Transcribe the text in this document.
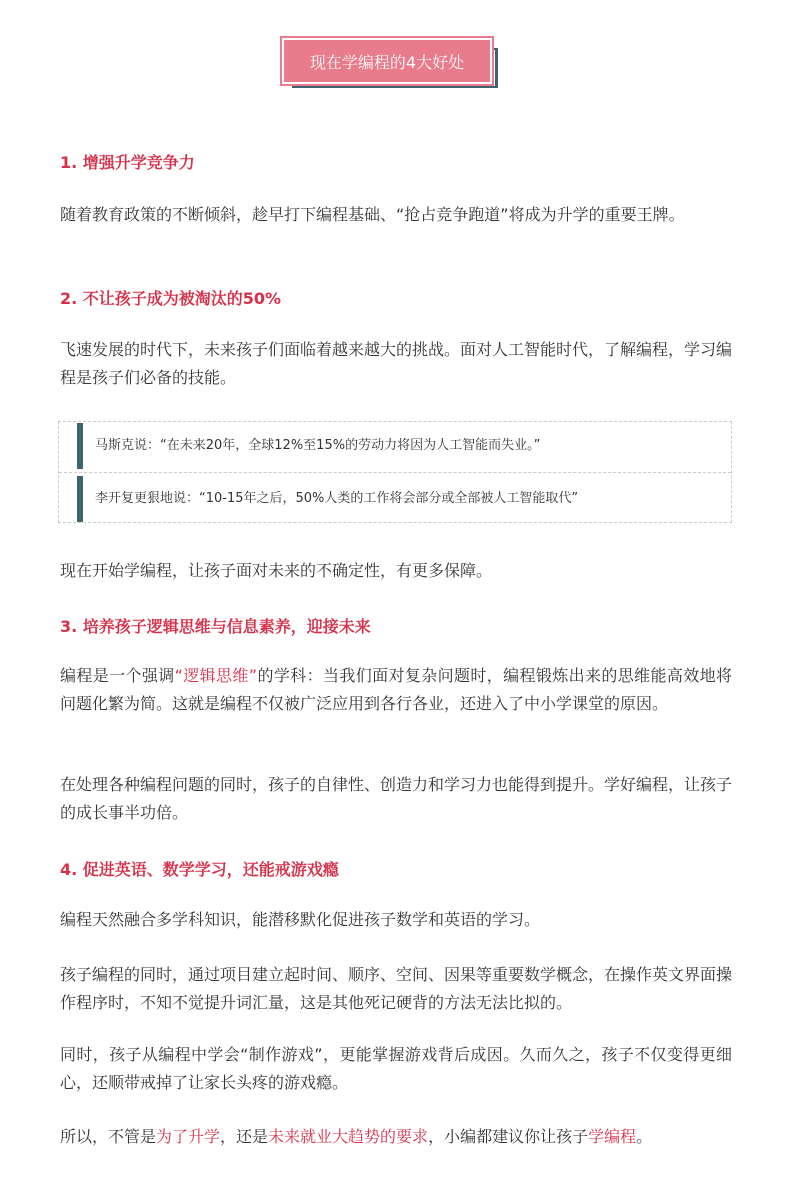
现在学编程的4大好处
1. 增强升学竞争力
随着教育政策的不断倾斜，趁早打下编程基础、“抢占竞争跑道”将成为升学的重要王牌。
2. 不让孩子成为被淘汰的50%
飞速发展的时代下，未来孩子们面临着越来越大的挑战。面对人工智能时代，了解编程，学习编程是孩子们必备的技能。
马斯克说：“在未来20年，全球12%至15%的劳动力将因为人工智能而失业。”
李开复更狠地说：“10-15年之后，50%人类的工作将会部分或全部被人工智能取代”
现在开始学编程，让孩子面对未来的不确定性，有更多保障。
3. 培养孩子逻辑思维与信息素养，迎接未来
编程是一个强调“逻辑思维”的学科：当我们面对复杂问题时，编程锻炼出来的思维能高效地将问题化繁为简。这就是编程不仅被广泛应用到各行各业，还进入了中小学课堂的原因。
在处理各种编程问题的同时，孩子的自律性、创造力和学习力也能得到提升。学好编程，让孩子的成长事半功倍。
4. 促进英语、数学学习，还能戒游戏瘾
编程天然融合多学科知识，能潜移默化促进孩子数学和英语的学习。
孩子编程的同时，通过项目建立起时间、顺序、空间、因果等重要数学概念，在操作英文界面操作程序时，不知不觉提升词汇量，这是其他死记硬背的方法无法比拟的。
同时，孩子从编程中学会“制作游戏”，更能掌握游戏背后成因。久而久之，孩子不仅变得更细心，还顺带戒掉了让家长头疼的游戏瘾。
所以，不管是为了升学，还是未来就业大趋势的要求，小编都建议你让孩子学编程。
